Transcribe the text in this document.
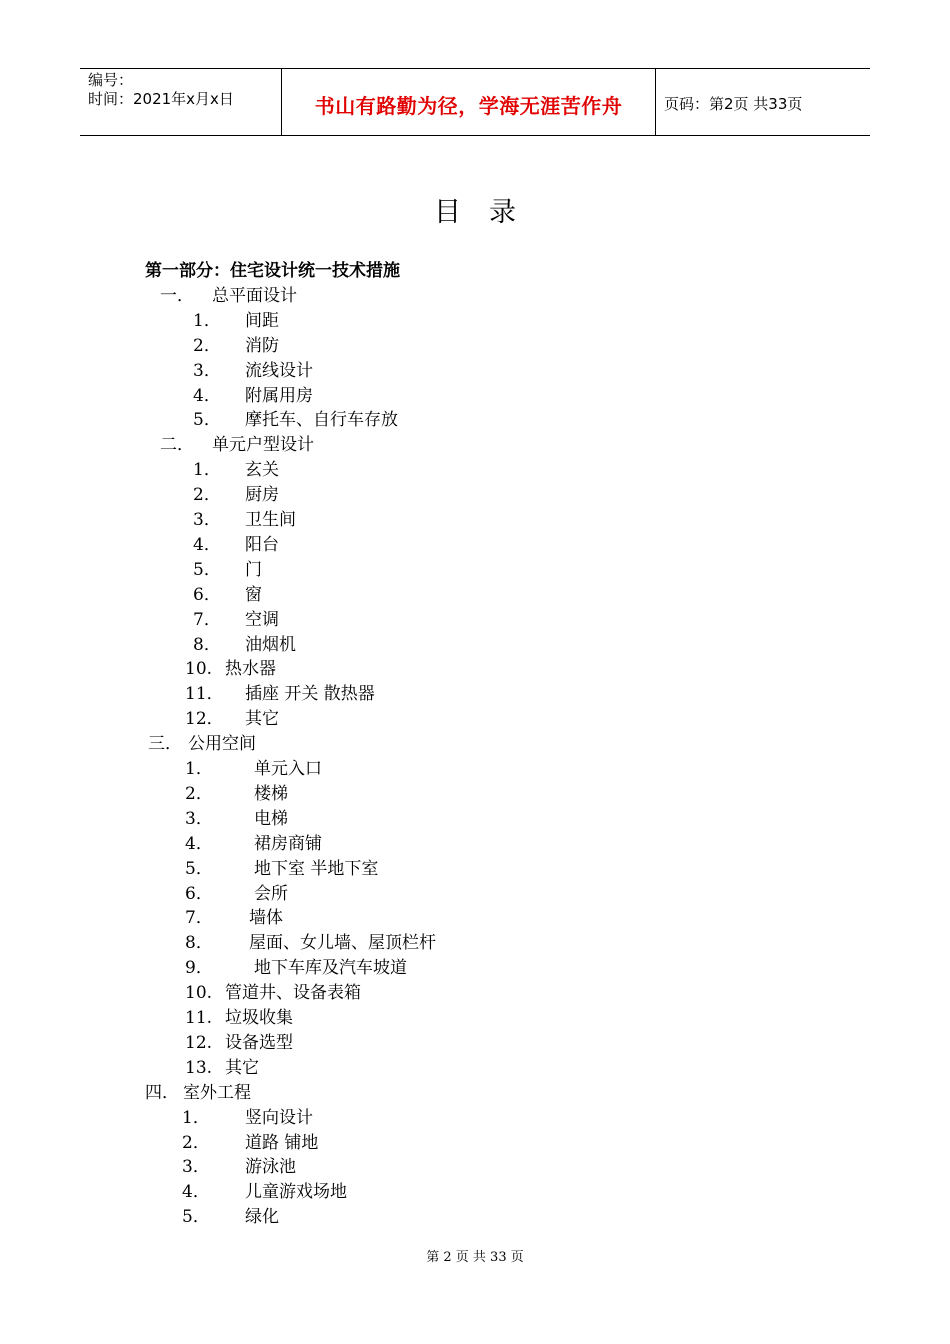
编号：
时间：2021年x月x日	书山有路勤为径，学海无涯苦作舟	页码：第2页 共33页
目录
第一部分：住宅设计统一技术措施
一． 总平面设计
1． 间距
2． 消防
3． 流线设计
4． 附属用房
5． 摩托车、自行车存放
二． 单元户型设计
1． 玄关
2． 厨房
3． 卫生间
4． 阳台
5． 门
6． 窗
7． 空调
8． 油烟机
10. 热水器
11． 插座 开关 散热器
12． 其它
三． 公用空间
1． 单元入口
2． 楼梯
3． 电梯
4． 裙房商铺
5． 地下室 半地下室
6． 会所
7． 墙体
8． 屋面、女儿墙、屋顶栏杆
9． 地下车库及汽车坡道
10. 管道井、设备表箱
11. 垃圾收集
12. 设备选型
13. 其它
四． 室外工程
1． 竖向设计
2． 道路 铺地
3． 游泳池
4． 儿童游戏场地
5． 绿化
第 2 页 共 33 页
